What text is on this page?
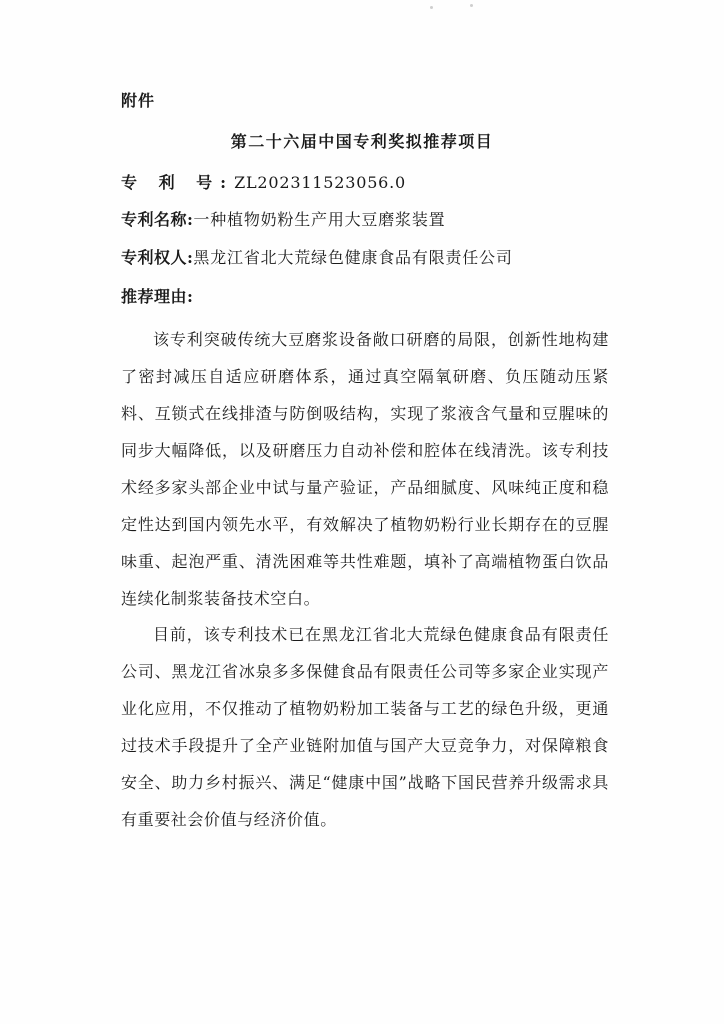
附件
第二十六届中国专利奖拟推荐项目
专 利 号:ZL202311523056.0
专利名称:一种植物奶粉生产用大豆磨浆装置
专利权人:黑龙江省北大荒绿色健康食品有限责任公司
推荐理由:

该专利突破传统大豆磨浆设备敞口研磨的局限，创新性地构建了密封减压自适应研磨体系，通过真空隔氧研磨、负压随动压紧料、互锁式在线排渣与防倒吸结构，实现了浆液含气量和豆腥味的同步大幅降低，以及研磨压力自动补偿和腔体在线清洗。该专利技术经多家头部企业中试与量产验证，产品细腻度、风味纯正度和稳定性达到国内领先水平，有效解决了植物奶粉行业长期存在的豆腥味重、起泡严重、清洗困难等共性难题，填补了高端植物蛋白饮品连续化制浆装备技术空白。

目前，该专利技术已在黑龙江省北大荒绿色健康食品有限责任公司、黑龙江省冰泉多多保健食品有限责任公司等多家企业实现产业化应用，不仅推动了植物奶粉加工装备与工艺的绿色升级，更通过技术手段提升了全产业链附加值与国产大豆竞争力，对保障粮食安全、助力乡村振兴、满足“健康中国”战略下国民营养升级需求具有重要社会价值与经济价值。
